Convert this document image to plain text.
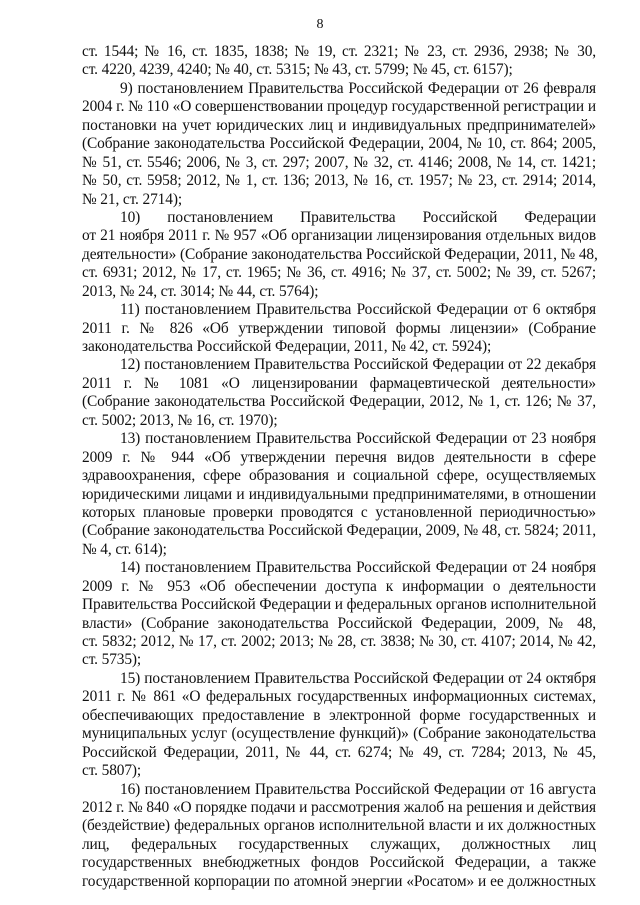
8
ст. 1544; № 16, ст. 1835, 1838; № 19, ст. 2321; № 23, ст. 2936, 2938; № 30,
ст. 4220, 4239, 4240; № 40, ст. 5315; № 43, ст. 5799; № 45, ст. 6157);
9) постановлением Правительства Российской Федерации от 26 февраля
2004 г. № 110 «О совершенствовании процедур государственной регистрации и
постановки на учет юридических лиц и индивидуальных предпринимателей»
(Собрание законодательства Российской Федерации, 2004, № 10, ст. 864; 2005,
№ 51, ст. 5546; 2006, № 3, ст. 297; 2007, № 32, ст. 4146; 2008, № 14, ст. 1421;
№ 50, ст. 5958; 2012, № 1, ст. 136; 2013, № 16, ст. 1957; № 23, ст. 2914; 2014,
№ 21, ст. 2714);
10) постановлением Правительства Российской Федерации
от 21 ноября 2011 г. № 957 «Об организации лицензирования отдельных видов
деятельности» (Собрание законодательства Российской Федерации, 2011, № 48,
ст. 6931; 2012, № 17, ст. 1965; № 36, ст. 4916; № 37, ст. 5002; № 39, ст. 5267;
2013, № 24, ст. 3014; № 44, ст. 5764);
11) постановлением Правительства Российской Федерации от 6 октября
2011 г. № 826 «Об утверждении типовой формы лицензии» (Собрание
законодательства Российской Федерации, 2011, № 42, ст. 5924);
12) постановлением Правительства Российской Федерации от 22 декабря
2011 г. № 1081 «О лицензировании фармацевтической деятельности»
(Собрание законодательства Российской Федерации, 2012, № 1, ст. 126; № 37,
ст. 5002; 2013, № 16, ст. 1970);
13) постановлением Правительства Российской Федерации от 23 ноября
2009 г. № 944 «Об утверждении перечня видов деятельности в сфере
здравоохранения, сфере образования и социальной сфере, осуществляемых
юридическими лицами и индивидуальными предпринимателями, в отношении
которых плановые проверки проводятся с установленной периодичностью»
(Собрание законодательства Российской Федерации, 2009, № 48, ст. 5824; 2011,
№ 4, ст. 614);
14) постановлением Правительства Российской Федерации от 24 ноября
2009 г. № 953 «Об обеспечении доступа к информации о деятельности
Правительства Российской Федерации и федеральных органов исполнительной
власти» (Собрание законодательства Российской Федерации, 2009, № 48,
ст. 5832; 2012, № 17, ст. 2002; 2013; № 28, ст. 3838; № 30, ст. 4107; 2014, № 42,
ст. 5735);
15) постановлением Правительства Российской Федерации от 24 октября
2011 г. № 861 «О федеральных государственных информационных системах,
обеспечивающих предоставление в электронной форме государственных и
муниципальных услуг (осуществление функций)» (Собрание законодательства
Российской Федерации, 2011, № 44, ст. 6274; № 49, ст. 7284; 2013, № 45,
ст. 5807);
16) постановлением Правительства Российской Федерации от 16 августа
2012 г. № 840 «О порядке подачи и рассмотрения жалоб на решения и действия
(бездействие) федеральных органов исполнительной власти и их должностных
лиц, федеральных государственных служащих, должностных лиц
государственных внебюджетных фондов Российской Федерации, а также
государственной корпорации по атомной энергии «Росатом» и ее должностных
